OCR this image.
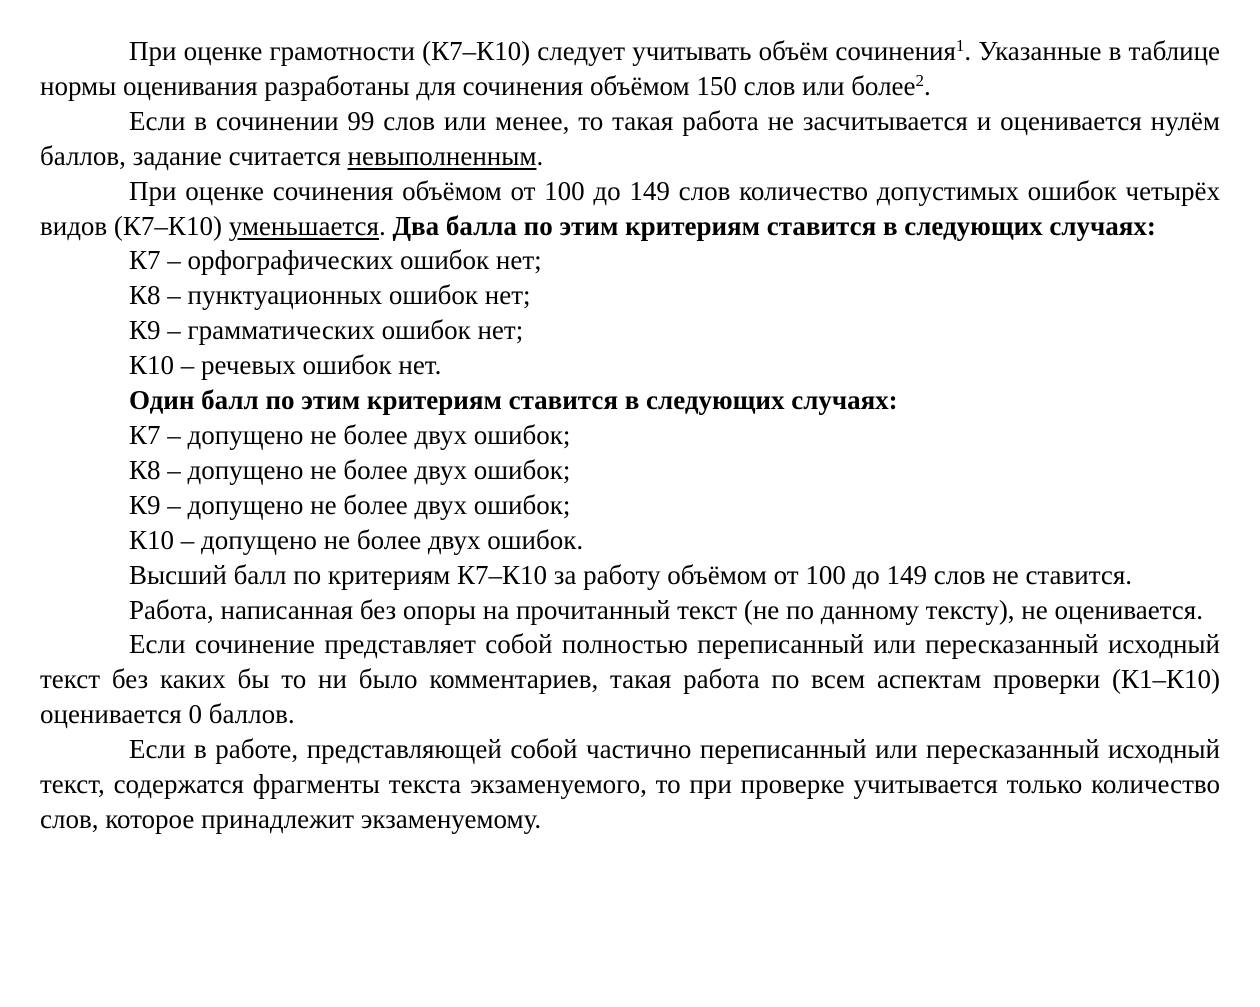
При оценке грамотности (К7–К10) следует учитывать объём сочинения$^1$. Указанные в таблице нормы оценивания разработаны для сочинения объёмом 150 слов или более$^2$.

Если в сочинении 99 слов или менее, то такая работа не засчитывается и оценивается нулём баллов, задание считается невыполненным.

При оценке сочинения объёмом от 100 до 149 слов количество допустимых ошибок четырёх видов (К7–К10) уменьшается. Два балла по этим критериям ставится в следующих случаях:

К7 – орфографических ошибок нет;

К8 – пунктуационных ошибок нет;

К9 – грамматических ошибок нет;

К10 – речевых ошибок нет.

Один балл по этим критериям ставится в следующих случаях:

К7 – допущено не более двух ошибок;

К8 – допущено не более двух ошибок;

К9 – допущено не более двух ошибок;

К10 – допущено не более двух ошибок.

Высший балл по критериям К7–К10 за работу объёмом от 100 до 149 слов не ставится.

Работа, написанная без опоры на прочитанный текст (не по данному тексту), не оценивается.

Если сочинение представляет собой полностью переписанный или пересказанный исходный текст без каких бы то ни было комментариев, такая работа по всем аспектам проверки (К1–К10) оценивается 0 баллов.

Если в работе, представляющей собой частично переписанный или пересказанный исходный текст, содержатся фрагменты текста экзаменуемого, то при проверке учитывается только количество слов, которое принадлежит экзаменуемому.
